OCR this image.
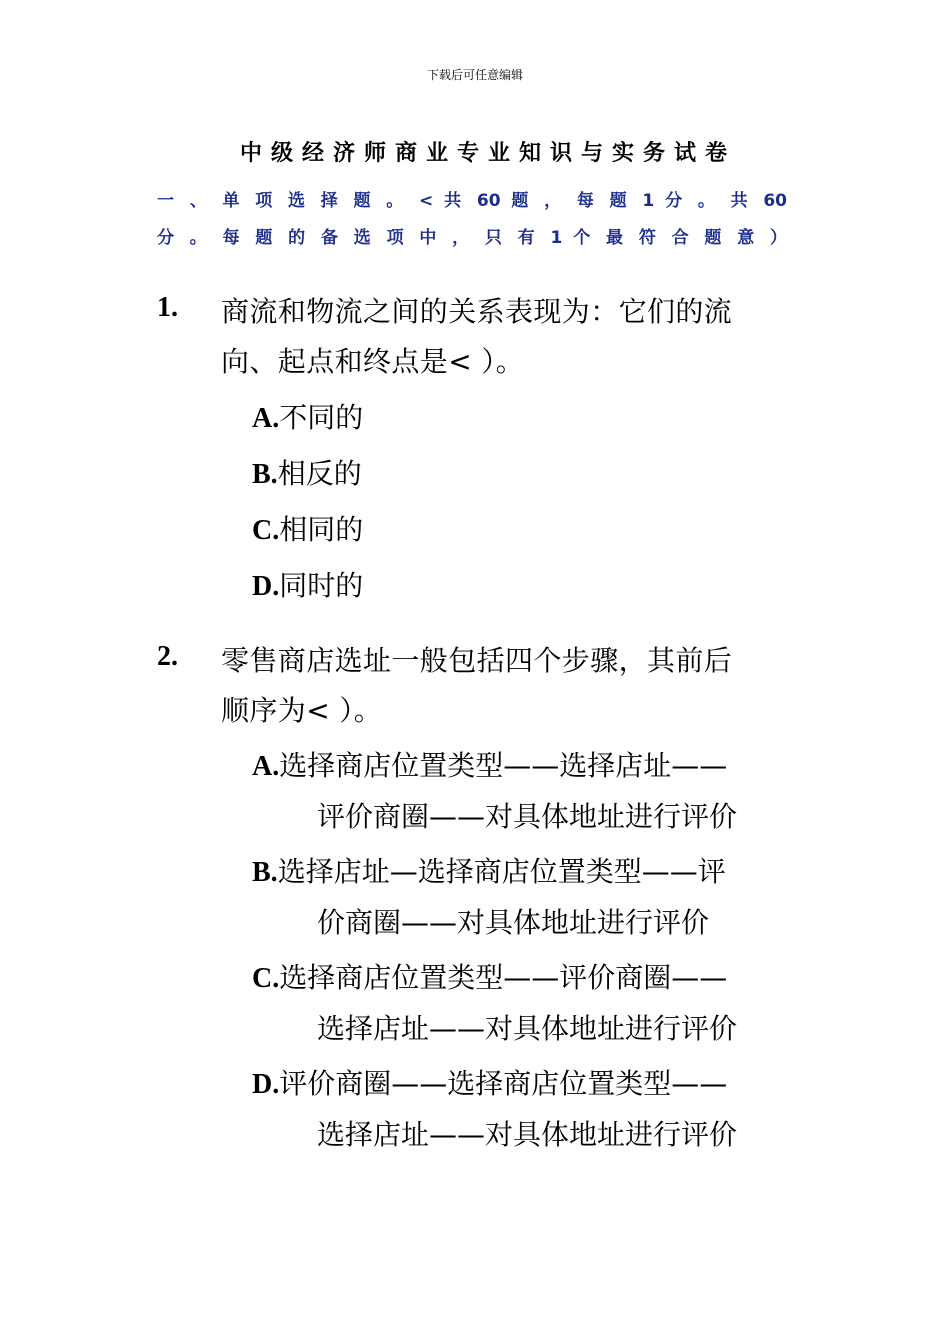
下载后可任意编辑
中级经济师商业专业知识与实务试卷
一 、 单 项 选 择 题 。 < 共 60 题 ， 每 题 1 分 。 共 60
分 。 每 题 的 备 选 项 中 ， 只 有 1 个 最 符 合 题 意 ）
1. 商流和物流之间的关系表现为：它们的流
向、起点和终点是< ）。
A.不同的
B.相反的
C.相同的
D.同时的
2. 零售商店选址一般包括四个步骤，其前后
顺序为< ）。
A.选择商店位置类型——选择店址——
评价商圈——对具体地址进行评价
B.选择店址—选择商店位置类型——评
价商圈——对具体地址进行评价
C.选择商店位置类型——评价商圈——
选择店址——对具体地址进行评价
D.评价商圈——选择商店位置类型——
选择店址——对具体地址进行评价
